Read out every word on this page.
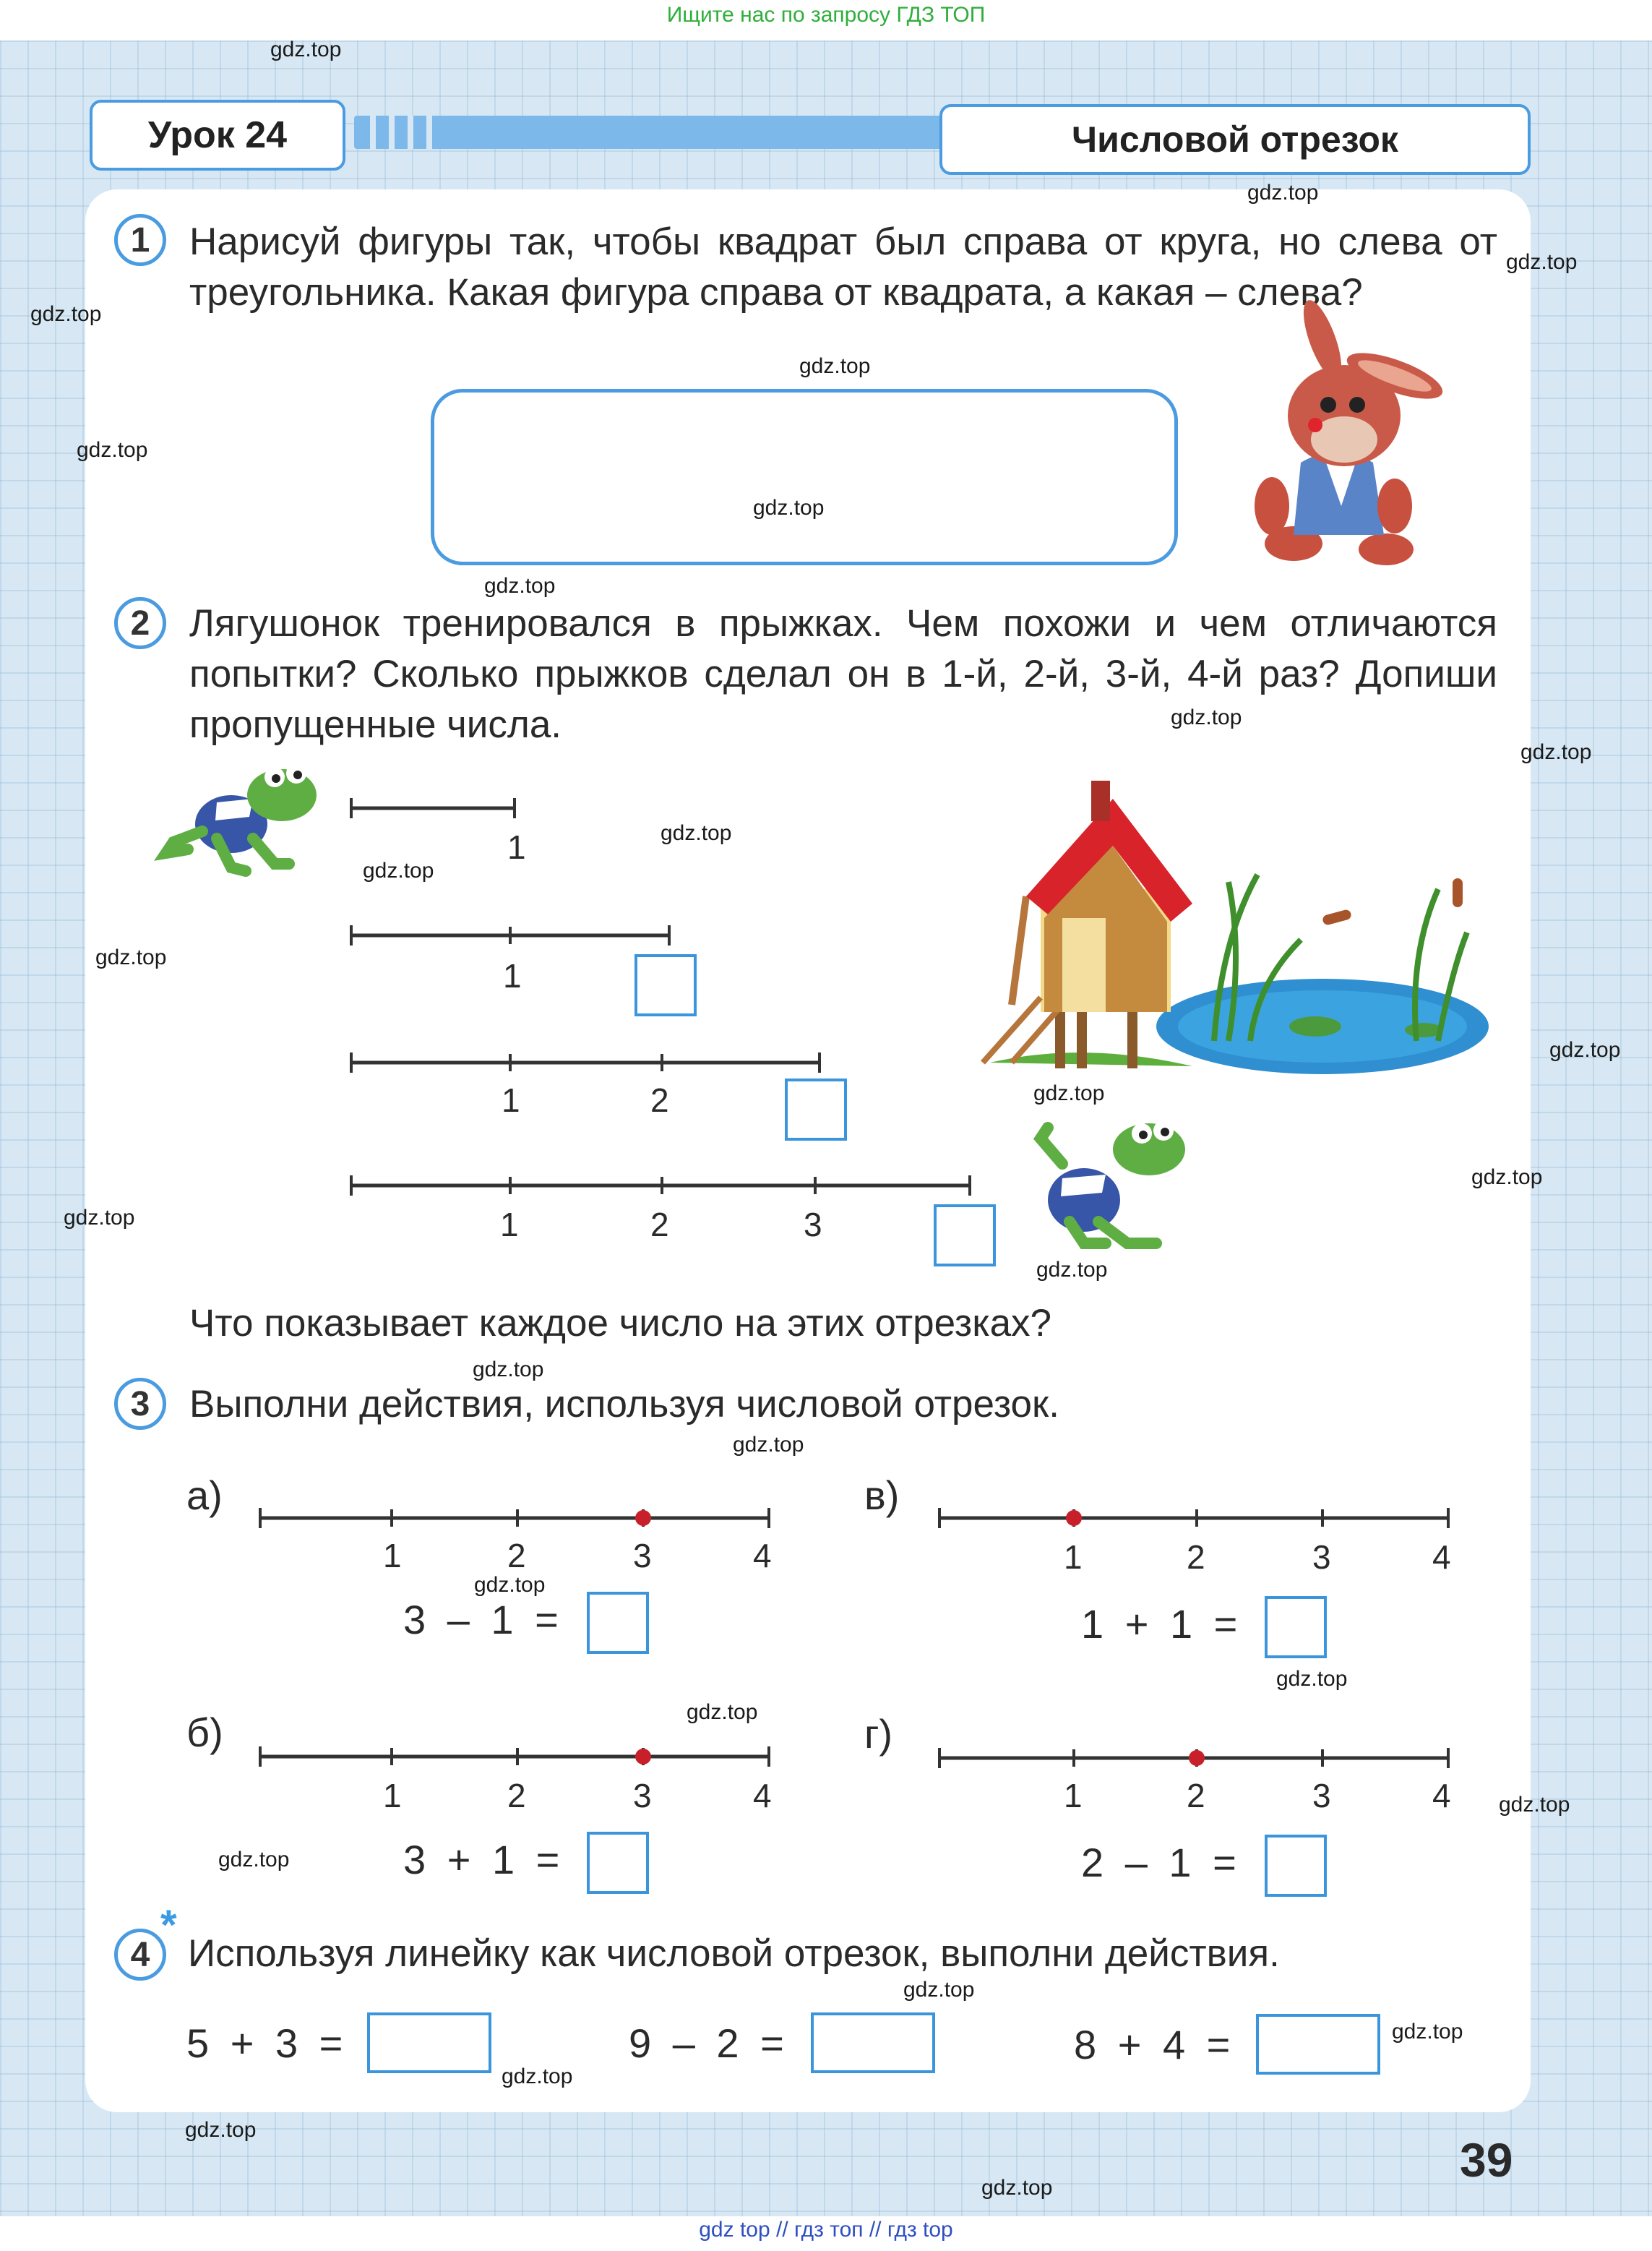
Ищите нас по запросу ГДЗ ТОП
Урок 24	Числовой отрезок
1	Нарисуй фигуры так, чтобы квадрат был справа от круга, но слева от треугольника. Какая фигура справа от квадрата, а какая – слева?
1
1
1	2
1	2	3
1	2	3	4
1	2	3	4
1	2	3	4
1	2	3	4
2	Лягушонок тренировался в прыжках. Чем похожи и чем отличаются попытки? Сколько прыжков сделал он в 1-й, 2-й, 3-й, 4-й раз? Допиши пропущенные числа.
Что показывает каждое число на этих отрезках?
3	Выполни действия, используя числовой отрезок.
а)
3 – 1 =
б)
3 + 1 =
в)
1 + 1 =
г)
2 – 1 =
4
*
Используя линейку как числовой отрезок, выполни действия.
5 + 3 =	9 – 2 =	8 + 4 =
39
gdz.top
gdz.top
gdz.top
gdz.top
gdz.top
gdz.top
gdz.top
gdz.top
gdz.top
gdz.top
gdz.top
gdz.top
gdz.top
gdz.top
gdz.top
gdz.top
gdz.top
gdz.top
gdz.top
gdz.top
gdz.top
gdz.top
gdz.top
gdz.top
gdz.top
gdz.top
gdz.top
gdz.top
gdz.top
gdz.top
gdz top // гдз топ // гдз top
